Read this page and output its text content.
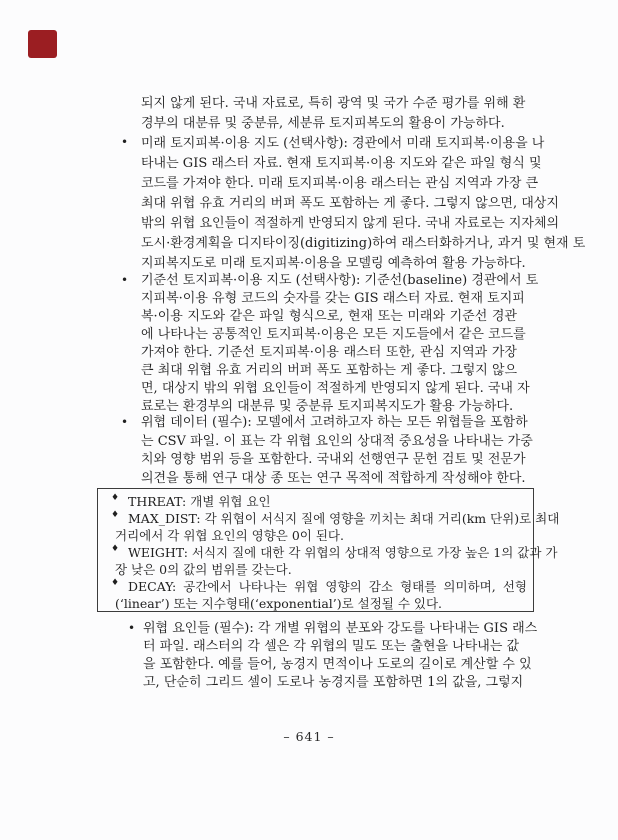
되지 않게 된다. 국내 자료로, 특히 광역 및 국가 수준 평가를 위해 환
경부의 대분류 및 중분류, 세분류 토지피복도의 활용이 가능하다.
• 미래 토지피복·이용 지도 (선택사항): 경관에서 미래 토지피복·이용을 나
타내는 GIS 래스터 자료. 현재 토지피복·이용 지도와 같은 파일 형식 및
코드를 가져야 한다. 미래 토지피복·이용 래스터는 관심 지역과 가장 큰
최대 위협 유효 거리의 버퍼 폭도 포함하는 게 좋다. 그렇지 않으면, 대상지
밖의 위협 요인들이 적절하게 반영되지 않게 된다. 국내 자료로는 지자체의
도시·환경계획을 디지타이징(digitizing)하여 래스터화하거나, 과거 및 현재 토
지피복지도로 미래 토지피복·이용을 모델링 예측하여 활용 가능하다.
• 기준선 토지피복·이용 지도 (선택사항): 기준선(baseline) 경관에서 토
지피복·이용 유형 코드의 숫자를 갖는 GIS 래스터 자료. 현재 토지피
복·이용 지도와 같은 파일 형식으로, 현재 또는 미래와 기준선 경관
에 나타나는 공통적인 토지피복·이용은 모든 지도들에서 같은 코드를
가져야 한다. 기준선 토지피복·이용 래스터 또한, 관심 지역과 가장
큰 최대 위협 유효 거리의 버퍼 폭도 포함하는 게 좋다. 그렇지 않으
면, 대상지 밖의 위협 요인들이 적절하게 반영되지 않게 된다. 국내 자
료로는 환경부의 대분류 및 중분류 토지피복지도가 활용 가능하다.
• 위협 데이터 (필수): 모델에서 고려하고자 하는 모든 위협들을 포함하
는 CSV 파일. 이 표는 각 위협 요인의 상대적 중요성을 나타내는 가중
치와 영향 범위 등을 포함한다. 국내외 선행연구 문헌 검토 및 전문가
의견을 통해 연구 대상 종 또는 연구 목적에 적합하게 작성해야 한다.
♦ THREAT: 개별 위협 요인
♦ MAX_DIST: 각 위협이 서식지 질에 영향을 끼치는 최대 거리(km 단위)로 최대
거리에서 각 위협 요인의 영향은 0이 된다.
♦ WEIGHT: 서식지 질에 대한 각 위협의 상대적 영향으로 가장 높은 1의 값과 가
장 낮은 0의 값의 범위를 갖는다.
♦ DECAY: 공간에서 나타나는 위협 영향의 감소 형태를 의미하며, 선형
(‘linear’) 또는 지수형태(‘exponential’)로 설정될 수 있다.
• 위협 요인들 (필수): 각 개별 위협의 분포와 강도를 나타내는 GIS 래스
터 파일. 래스터의 각 셀은 각 위협의 밀도 또는 출현을 나타내는 값
을 포함한다. 예를 들어, 농경지 면적이나 도로의 길이로 계산할 수 있
고, 단순히 그리드 셀이 도로나 농경지를 포함하면 1의 값을, 그렇지
– 641 –
